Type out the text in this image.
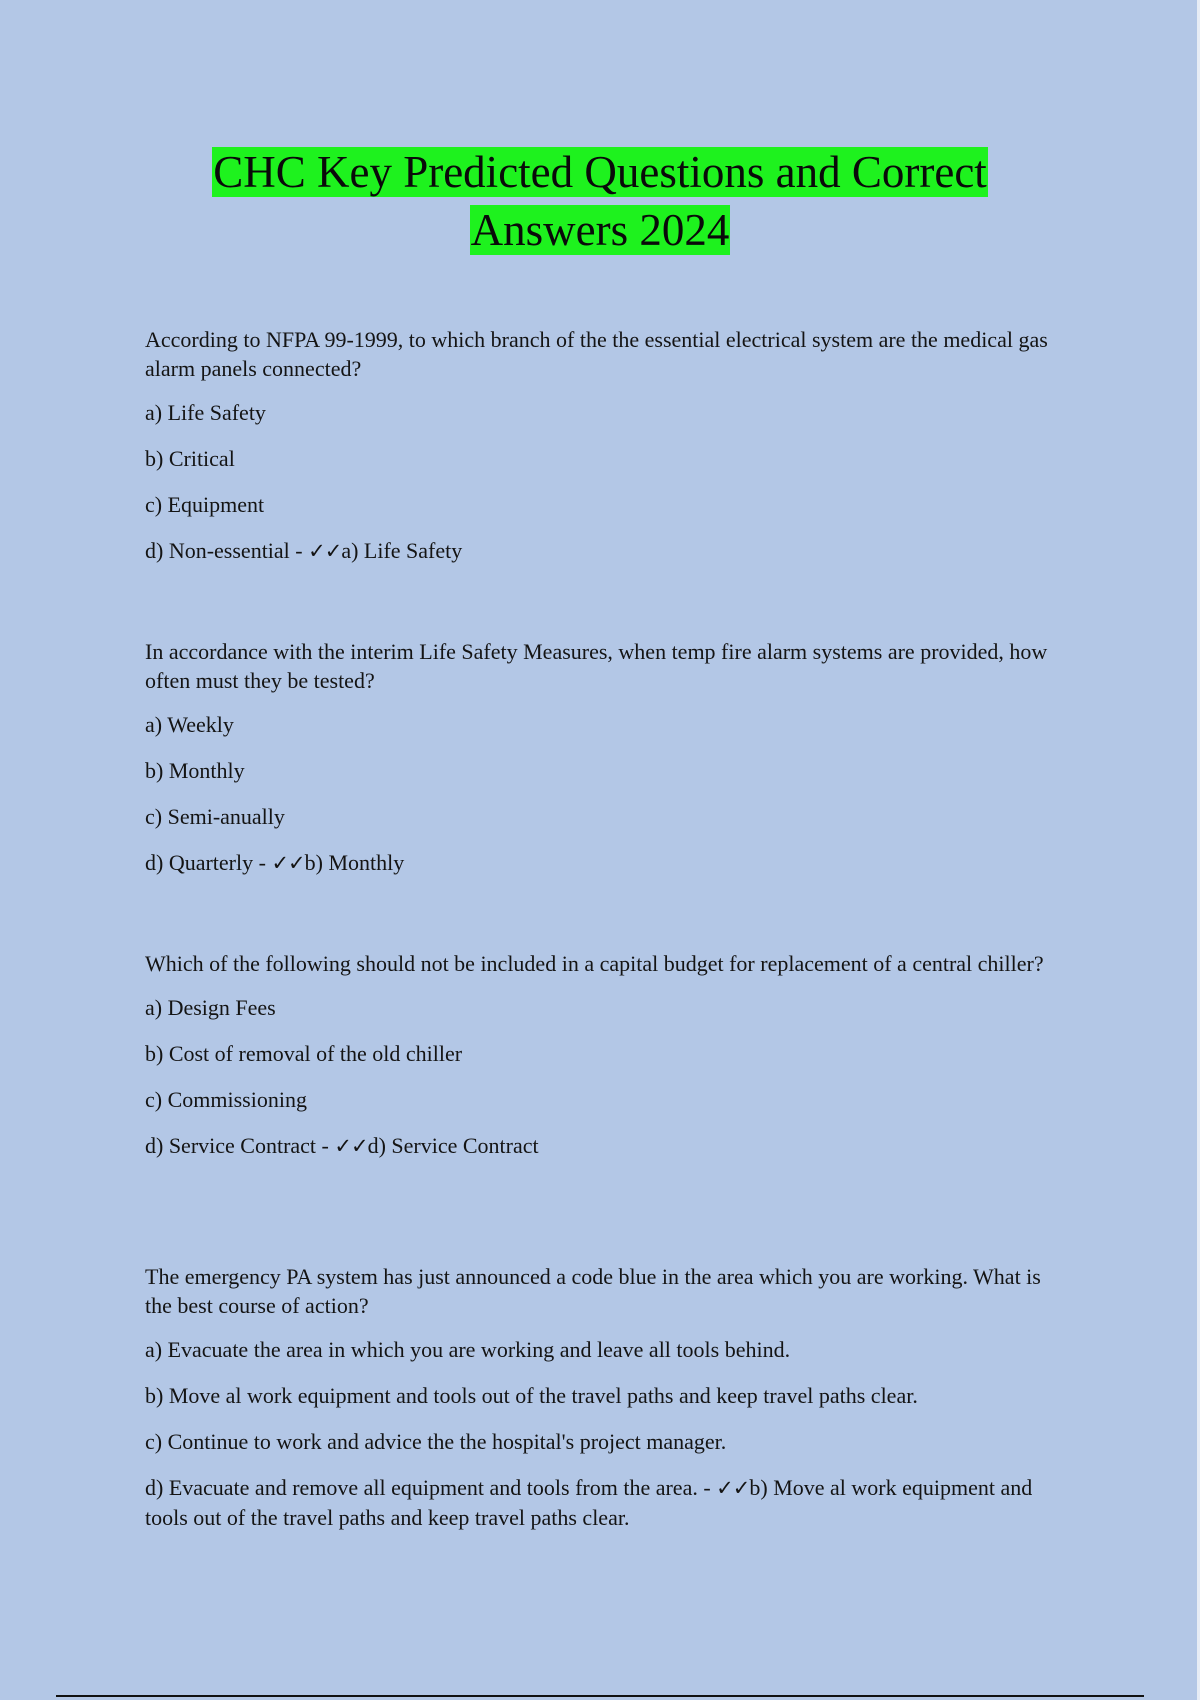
CHC Key Predicted Questions and Correct
Answers 2024

According to NFPA 99-1999, to which branch of the the essential electrical system are the medical gas alarm panels connected?

a) Life Safety

b) Critical

c) Equipment

d) Non-essential - ✓✓a) Life Safety

In accordance with the interim Life Safety Measures, when temp fire alarm systems are provided, how often must they be tested?

a) Weekly

b) Monthly

c) Semi-anually

d) Quarterly - ✓✓b) Monthly

Which of the following should not be included in a capital budget for replacement of a central chiller?

a) Design Fees

b) Cost of removal of the old chiller

c) Commissioning

d) Service Contract - ✓✓d) Service Contract

The emergency PA system has just announced a code blue in the area which you are working. What is the best course of action?

a) Evacuate the area in which you are working and leave all tools behind.

b) Move al work equipment and tools out of the travel paths and keep travel paths clear.

c) Continue to work and advice the the hospital's project manager.

d) Evacuate and remove all equipment and tools from the area. - ✓✓b) Move al work equipment and tools out of the travel paths and keep travel paths clear.
